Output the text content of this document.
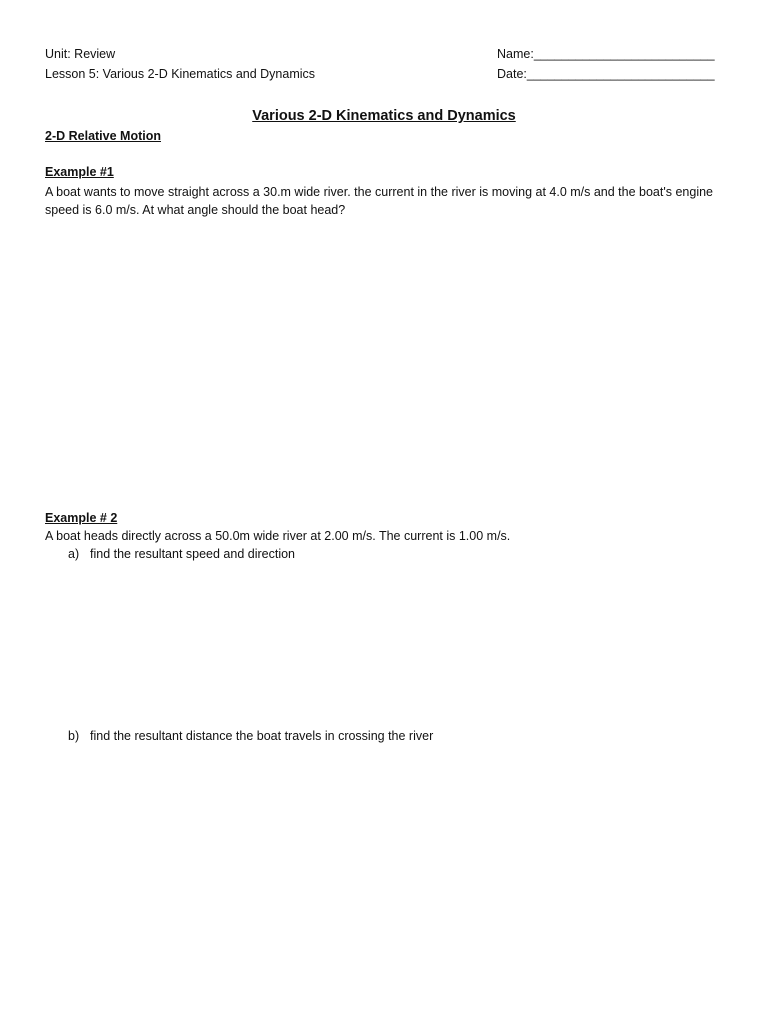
Unit: Review
Lesson 5: Various 2-D Kinematics and Dynamics
Name:__________________________
Date:___________________________
Various 2-D Kinematics and Dynamics
2-D Relative Motion
Example #1
A boat wants to move straight across a 30.m wide river. the current in the river is moving at 4.0 m/s and the boat's engine speed is 6.0 m/s. At what angle should the boat head?
Example # 2
A boat heads directly across a 50.0m wide river at 2.00 m/s. The current is 1.00 m/s.
a) find the resultant speed and direction
b) find the resultant distance the boat travels in crossing the river
